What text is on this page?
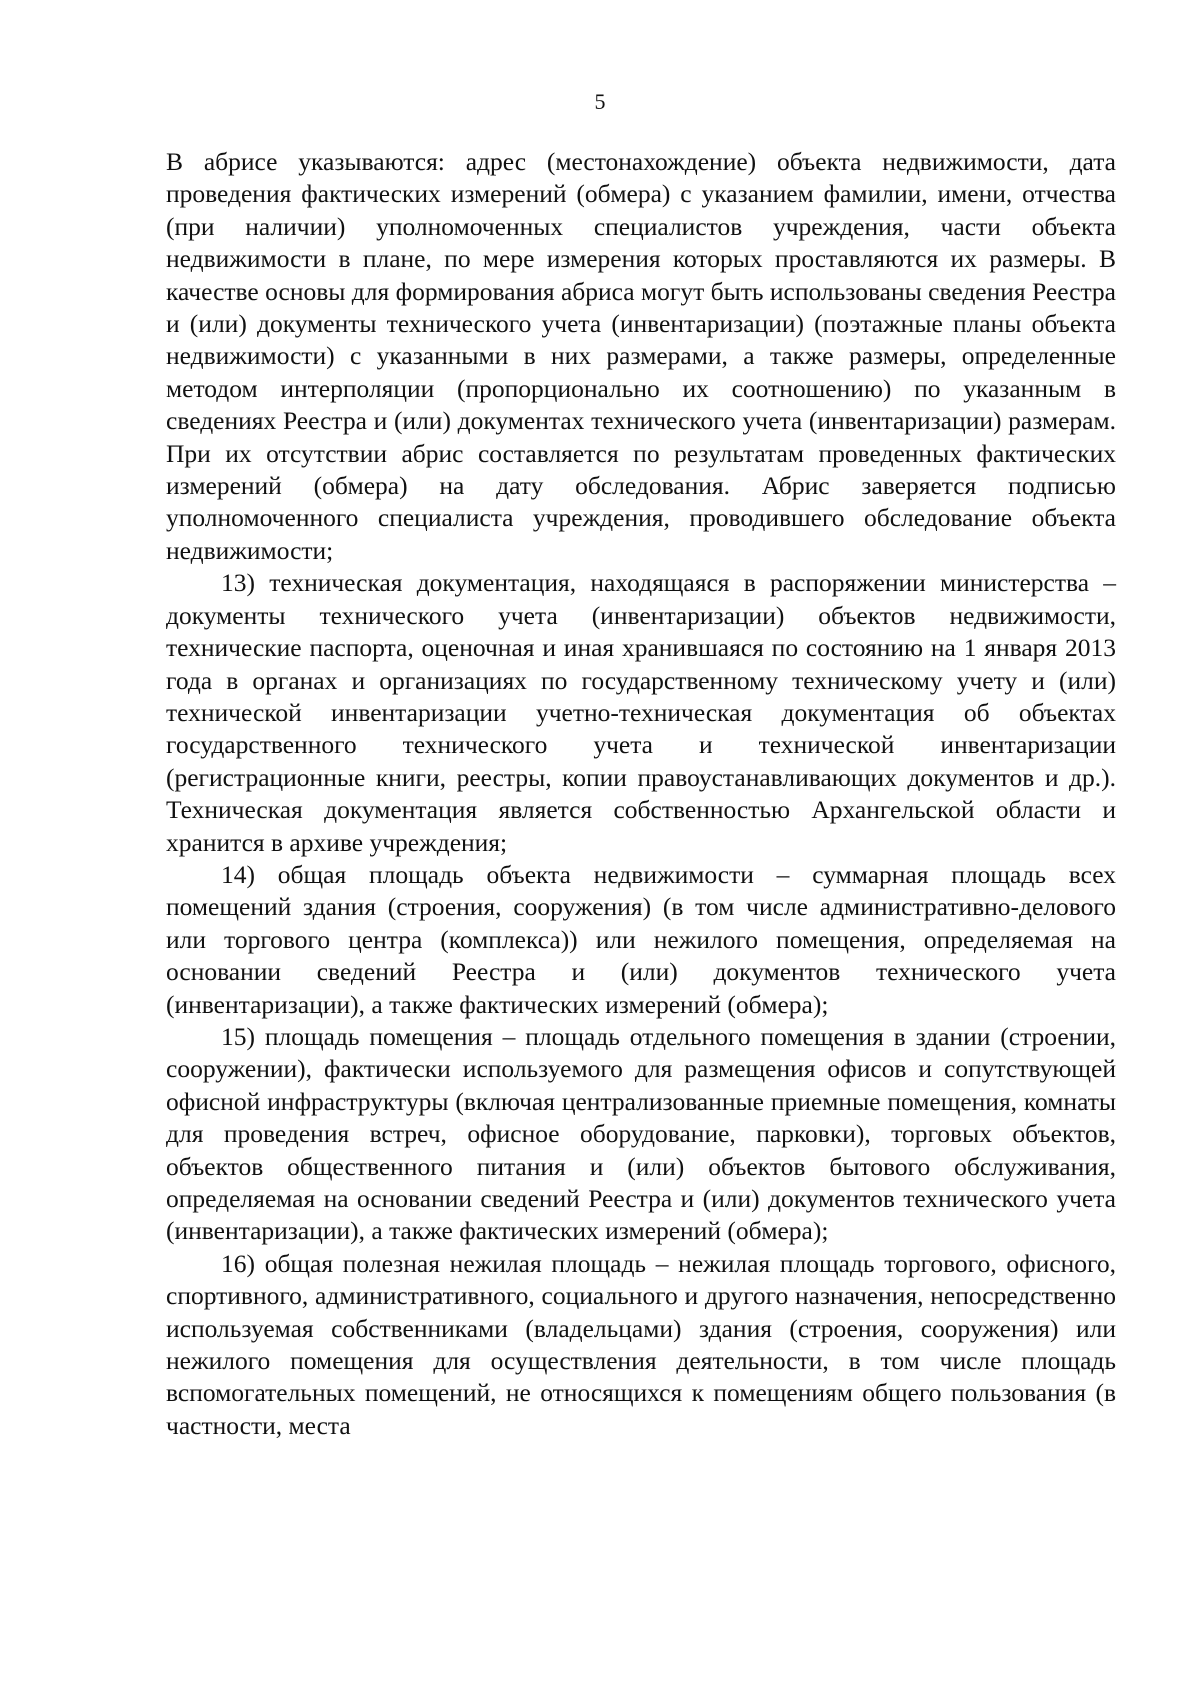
5

В абрисе указываются: адрес (местонахождение) объекта недвижимости, дата проведения фактических измерений (обмера) с указанием фамилии, имени, отчества (при наличии) уполномоченных специалистов учреждения, части объекта недвижимости в плане, по мере измерения которых проставляются их размеры. В качестве основы для формирования абриса могут быть использованы сведения Реестра и (или) документы технического учета (инвентаризации) (поэтажные планы объекта недвижимости) с указанными в них размерами, а также размеры, определенные методом интерполяции (пропорционально их соотношению) по указанным в сведениях Реестра и (или) документах технического учета (инвентаризации) размерам. При их отсутствии абрис составляется по результатам проведенных фактических измерений (обмера) на дату обследования. Абрис заверяется подписью уполномоченного специалиста учреждения, проводившего обследование объекта недвижимости;

13) техническая документация, находящаяся в распоряжении министерства – документы технического учета (инвентаризации) объектов недвижимости, технические паспорта, оценочная и иная хранившаяся по состоянию на 1 января 2013 года в органах и организациях по государственному техническому учету и (или) технической инвентаризации учетно-техническая документация об объектах государственного технического учета и технической инвентаризации (регистрационные книги, реестры, копии правоустанавливающих документов и др.). Техническая документация является собственностью Архангельской области и хранится в архиве учреждения;

14) общая площадь объекта недвижимости – суммарная площадь всех помещений здания (строения, сооружения) (в том числе административно-делового или торгового центра (комплекса)) или нежилого помещения, определяемая на основании сведений Реестра и (или) документов технического учета (инвентаризации), а также фактических измерений (обмера);

15) площадь помещения – площадь отдельного помещения в здании (строении, сооружении), фактически используемого для размещения офисов и сопутствующей офисной инфраструктуры (включая централизованные приемные помещения, комнаты для проведения встреч, офисное оборудование, парковки), торговых объектов, объектов общественного питания и (или) объектов бытового обслуживания, определяемая на основании сведений Реестра и (или) документов технического учета (инвентаризации), а также фактических измерений (обмера);

16) общая полезная нежилая площадь – нежилая площадь торгового, офисного, спортивного, административного, социального и другого назначения, непосредственно используемая собственниками (владельцами) здания (строения, сооружения) или нежилого помещения для осуществления деятельности, в том числе площадь вспомогательных помещений, не относящихся к помещениям общего пользования (в частности, места
